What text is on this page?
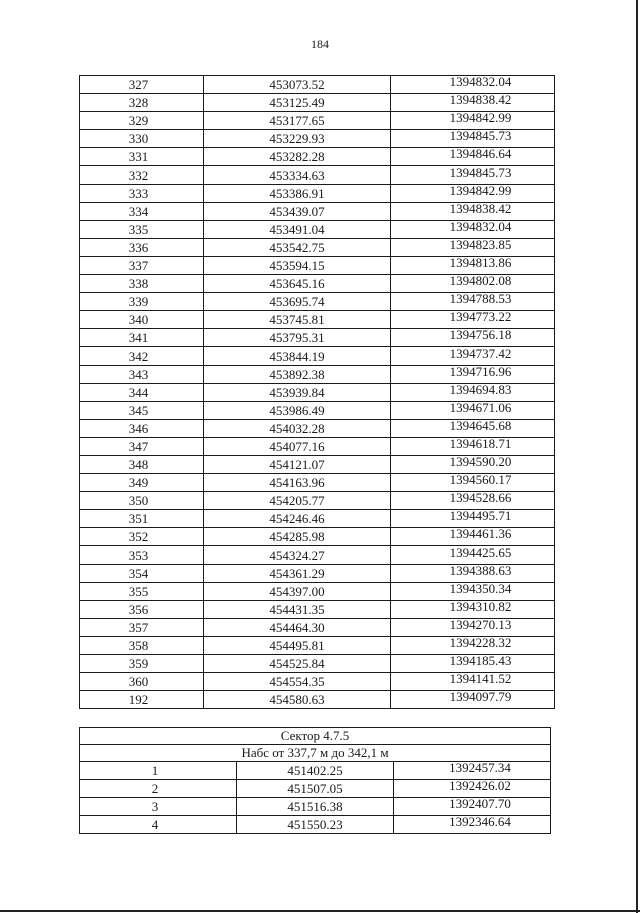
184
327	453073.52	1394832.04
328	453125.49	1394838.42
329	453177.65	1394842.99
330	453229.93	1394845.73
331	453282.28	1394846.64
332	453334.63	1394845.73
333	453386.91	1394842.99
334	453439.07	1394838.42
335	453491.04	1394832.04
336	453542.75	1394823.85
337	453594.15	1394813.86
338	453645.16	1394802.08
339	453695.74	1394788.53
340	453745.81	1394773.22
341	453795.31	1394756.18
342	453844.19	1394737.42
343	453892.38	1394716.96
344	453939.84	1394694.83
345	453986.49	1394671.06
346	454032.28	1394645.68
347	454077.16	1394618.71
348	454121.07	1394590.20
349	454163.96	1394560.17
350	454205.77	1394528.66
351	454246.46	1394495.71
352	454285.98	1394461.36
353	454324.27	1394425.65
354	454361.29	1394388.63
355	454397.00	1394350.34
356	454431.35	1394310.82
357	454464.30	1394270.13
358	454495.81	1394228.32
359	454525.84	1394185.43
360	454554.35	1394141.52
192	454580.63	1394097.79
Сектор 4.7.5		
Набс от 337,7 м до 342,1 м		
1	451402.25	1392457.34
2	451507.05	1392426.02
3	451516.38	1392407.70
4	451550.23	1392346.64
